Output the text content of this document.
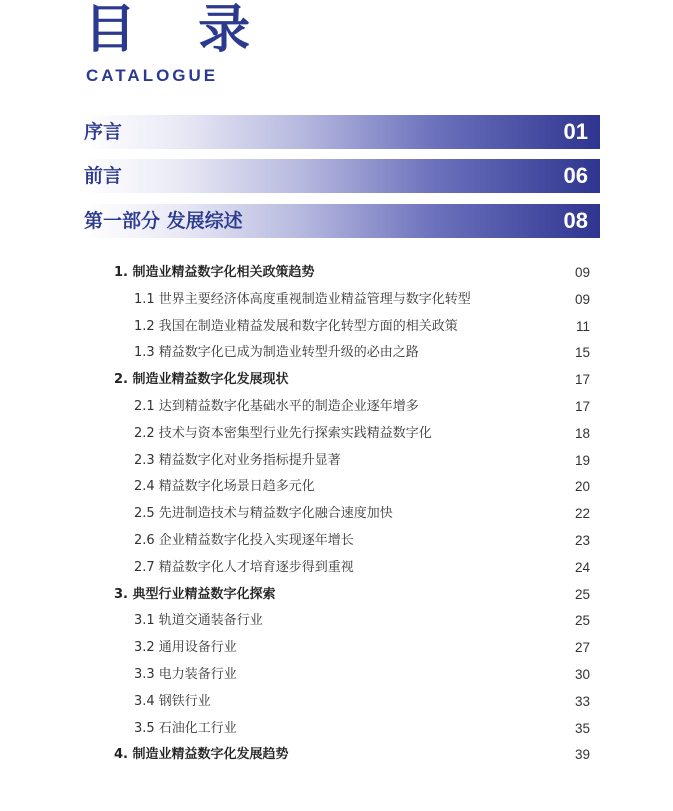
目 录
CATALOGUE
序言	01
前言	06
第一部分 发展综述	08
1. 制造业精益数字化相关政策趋势	09
1.1 世界主要经济体高度重视制造业精益管理与数字化转型	09
1.2 我国在制造业精益发展和数字化转型方面的相关政策	11
1.3 精益数字化已成为制造业转型升级的必由之路	15
2. 制造业精益数字化发展现状	17
2.1 达到精益数字化基础水平的制造企业逐年增多	17
2.2 技术与资本密集型行业先行探索实践精益数字化	18
2.3 精益数字化对业务指标提升显著	19
2.4 精益数字化场景日趋多元化	20
2.5 先进制造技术与精益数字化融合速度加快	22
2.6 企业精益数字化投入实现逐年增长	23
2.7 精益数字化人才培育逐步得到重视	24
3. 典型行业精益数字化探索	25
3.1 轨道交通装备行业	25
3.2 通用设备行业	27
3.3 电力装备行业	30
3.4 钢铁行业	33
3.5 石油化工行业	35
4. 制造业精益数字化发展趋势	39
